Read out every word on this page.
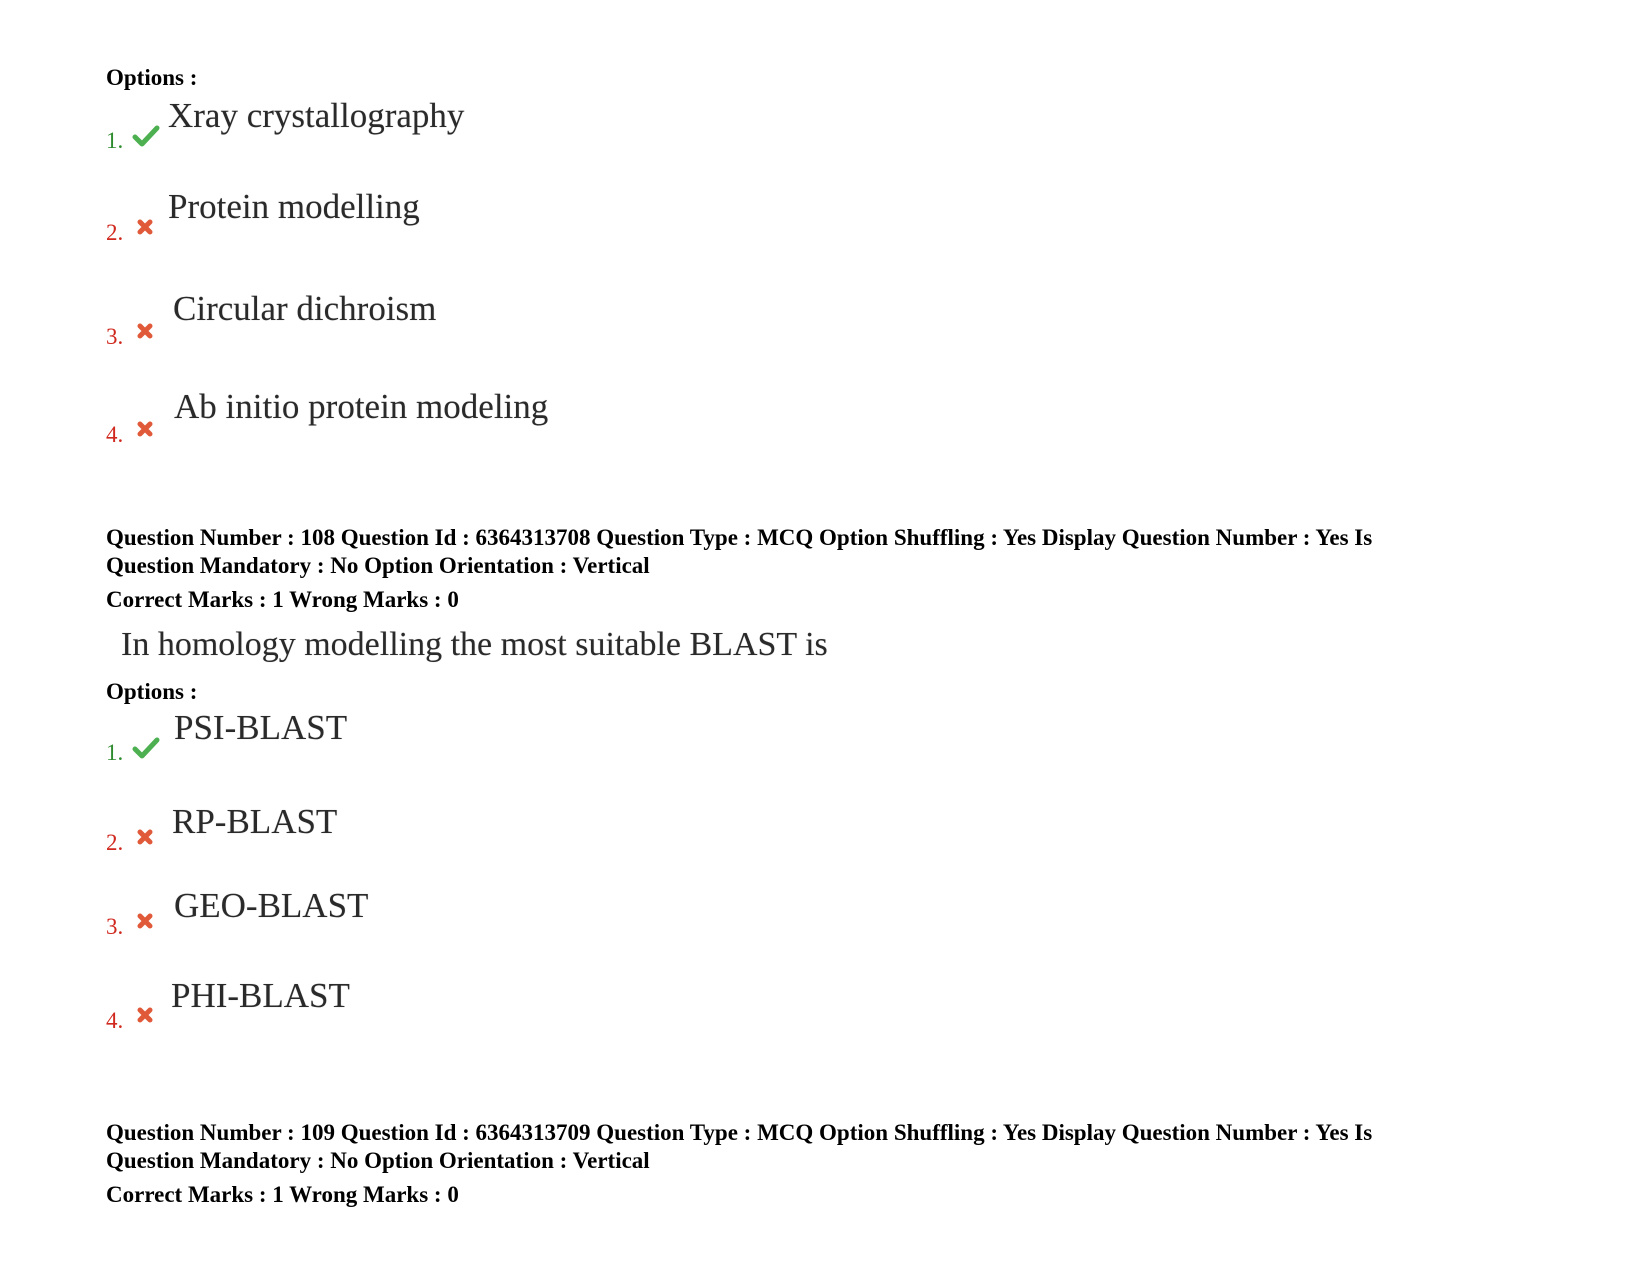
Options :
1.
Xray crystallography
2.
Protein modelling
3.
Circular dichroism
4.
Ab initio protein modeling
Question Number : 108 Question Id : 6364313708 Question Type : MCQ Option Shuffling : Yes Display Question Number : Yes Is
Question Mandatory : No Option Orientation : Vertical
Correct Marks : 1 Wrong Marks : 0
In homology modelling the most suitable BLAST is
Options :
1.
PSI-BLAST
2.
RP-BLAST
3.
GEO-BLAST
4.
PHI-BLAST
Question Number : 109 Question Id : 6364313709 Question Type : MCQ Option Shuffling : Yes Display Question Number : Yes Is
Question Mandatory : No Option Orientation : Vertical
Correct Marks : 1 Wrong Marks : 0
